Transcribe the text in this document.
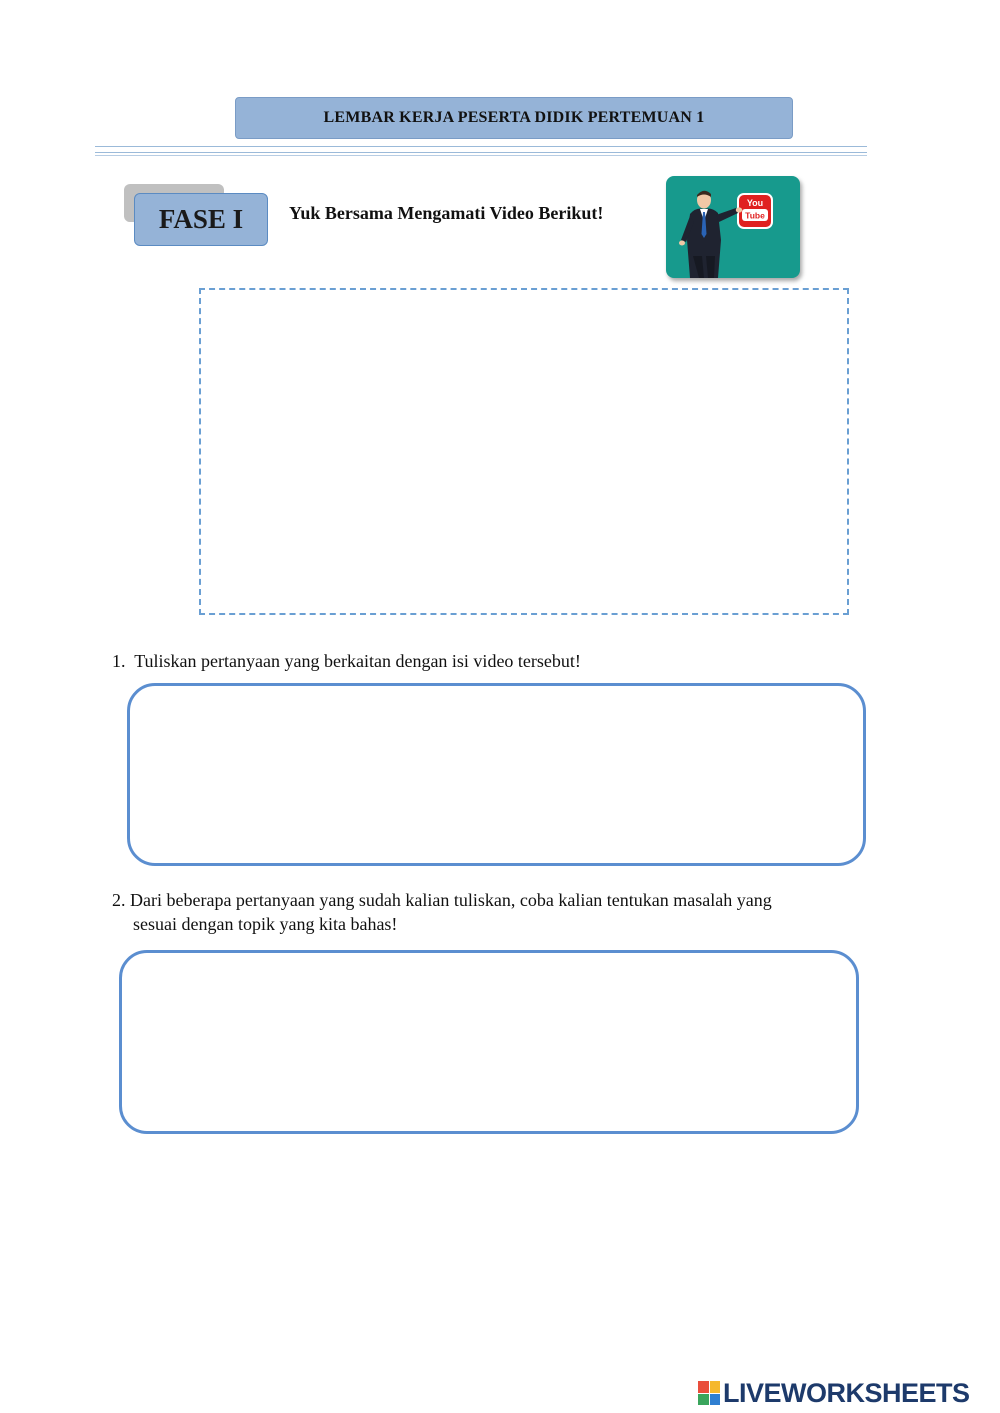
LEMBAR KERJA PESERTA DIDIK PERTEMUAN 1
FASE I	Yuk Bersama Mengamati Video Berikut!	You
Tube
1. Tuliskan pertanyaan yang berkaitan dengan isi video tersebut!
2. Dari beberapa pertanyaan yang sudah kalian tuliskan, coba kalian tentukan masalah yang
sesuai dengan topik yang kita bahas!
LIVEWORKSHEETS
